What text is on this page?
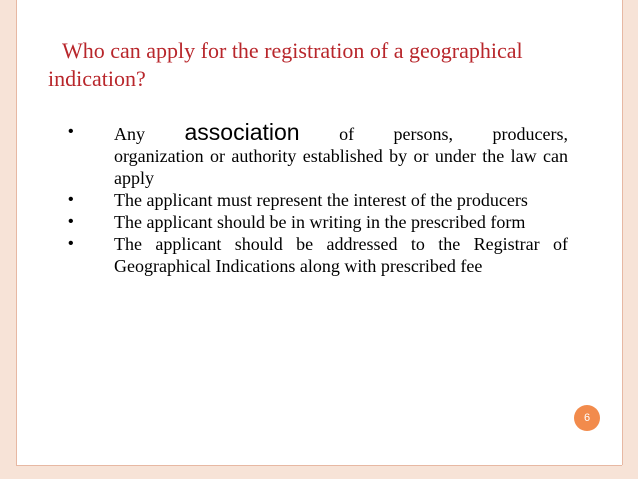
Who can apply for the registration of a geographical indication?
• Any association of persons, producers,
organization or authority established by or under the law can apply
• The applicant must represent the interest of the producers
• The applicant should be in writing in the prescribed form
• The applicant should be addressed to the Registrar of Geographical Indications along with prescribed fee
6
